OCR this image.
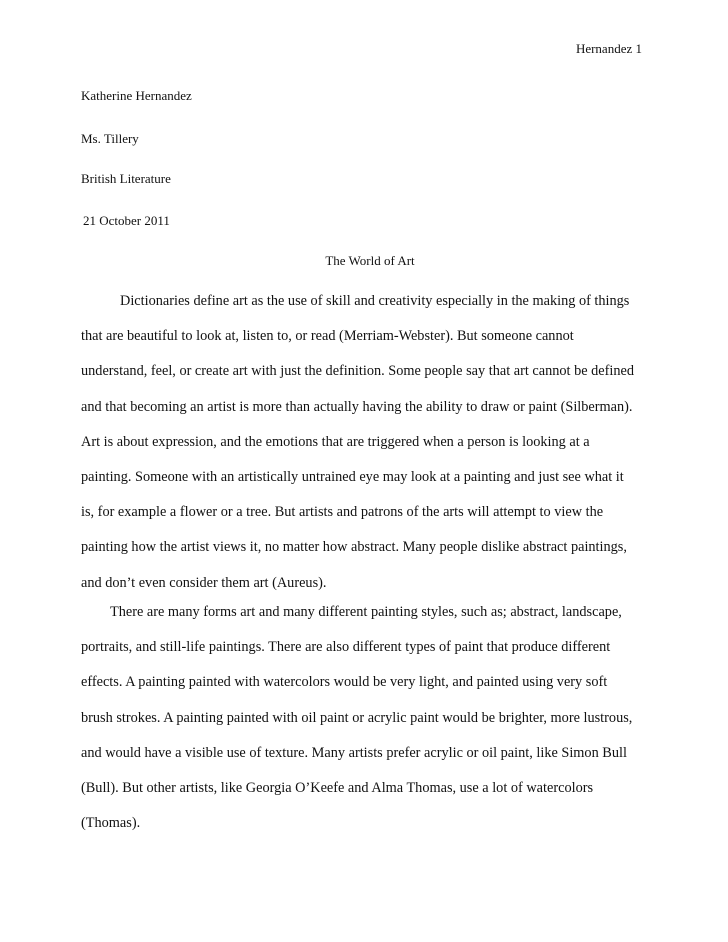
Hernandez 1
Katherine Hernandez
Ms. Tillery
British Literature
21 October 2011
The World of Art
Dictionaries define art as the use of skill and creativity especially in the making of things
that are beautiful to look at, listen to, or read (Merriam-Webster). But someone cannot
understand, feel, or create art with just the definition. Some people say that art cannot be defined
and that becoming an artist is more than actually having the ability to draw or paint (Silberman).
Art is about expression, and the emotions that are triggered when a person is looking at a
painting. Someone with an artistically untrained eye may look at a painting and just see what it
is, for example a flower or a tree. But artists and patrons of the arts will attempt to view the
painting how the artist views it, no matter how abstract. Many people dislike abstract paintings,
and don’t even consider them art (Aureus).
There are many forms art and many different painting styles, such as; abstract, landscape,
portraits, and still-life paintings. There are also different types of paint that produce different
effects. A painting painted with watercolors would be very light, and painted using very soft
brush strokes. A painting painted with oil paint or acrylic paint would be brighter, more lustrous,
and would have a visible use of texture. Many artists prefer acrylic or oil paint, like Simon Bull
(Bull). But other artists, like Georgia O’Keefe and Alma Thomas, use a lot of watercolors
(Thomas).
